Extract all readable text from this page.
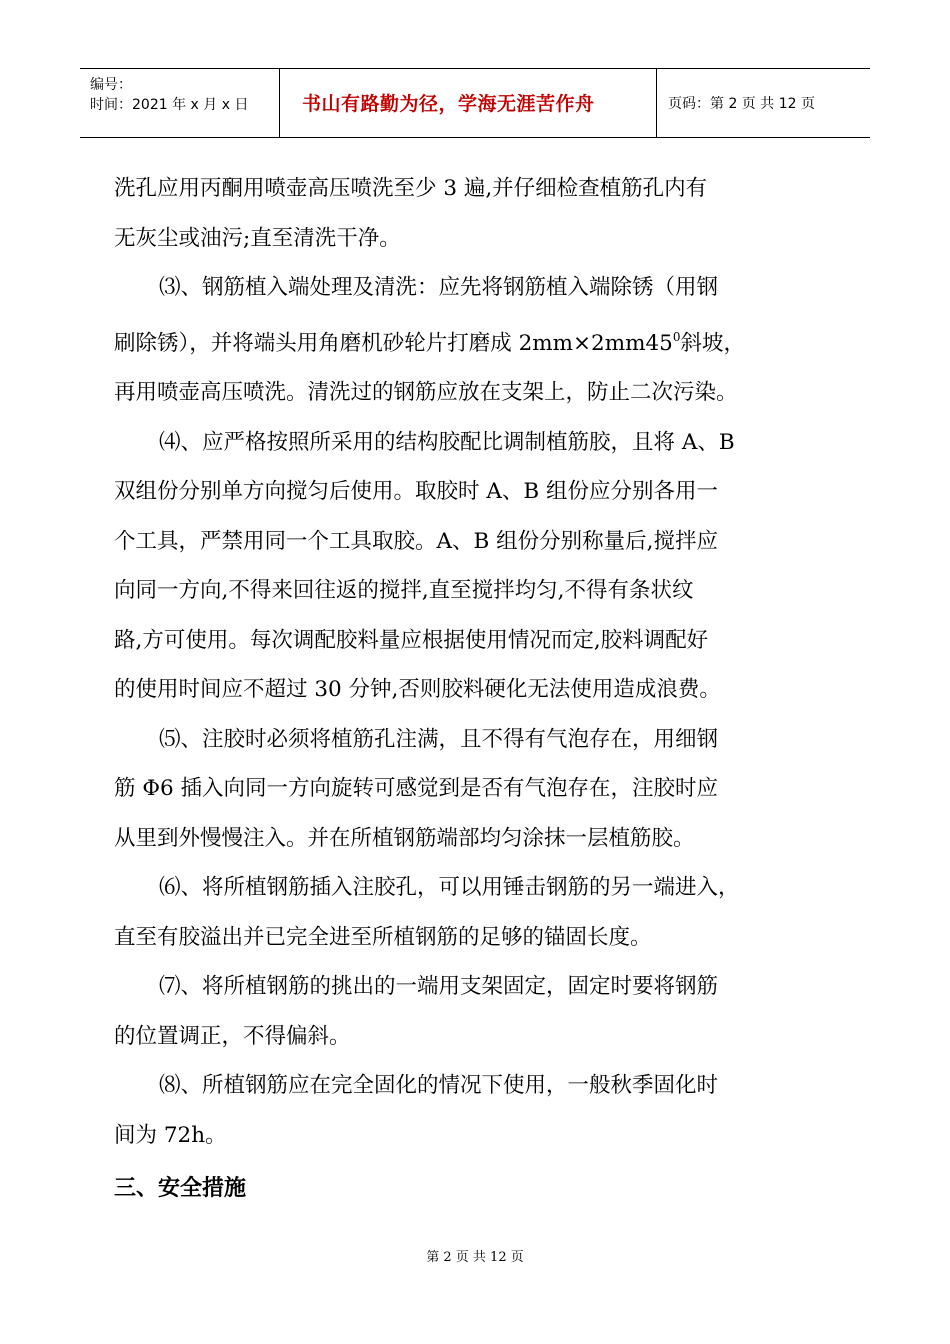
编号：
时间：2021 年 x 月 x 日	书山有路勤为径，学海无涯苦作舟	页码：第 2 页 共 12 页

洗孔应用丙酮用喷壶高压喷洗至少 3 遍,并仔细检查植筋孔内有

无灰尘或油污;直至清洗干净。

⑶、钢筋植入端处理及清洗：应先将钢筋植入端除锈（用钢

刷除锈），并将端头用角磨机砂轮片打磨成 $2mm\times 2mm45^0$斜坡，

再用喷壶高压喷洗。清洗过的钢筋应放在支架上，防止二次污染。

⑷、应严格按照所采用的结构胶配比调制植筋胶，且将 A、B

双组份分别单方向搅匀后使用。取胶时 A、B 组份应分别各用一

个工具，严禁用同一个工具取胶。A、B 组份分别称量后,搅拌应

向同一方向,不得来回往返的搅拌,直至搅拌均匀,不得有条状纹

路,方可使用。每次调配胶料量应根据使用情况而定,胶料调配好

的使用时间应不超过 30 分钟,否则胶料硬化无法使用造成浪费。

⑸、注胶时必须将植筋孔注满，且不得有气泡存在，用细钢

筋 Φ6 插入向同一方向旋转可感觉到是否有气泡存在，注胶时应

从里到外慢慢注入。并在所植钢筋端部均匀涂抹一层植筋胶。

⑹、将所植钢筋插入注胶孔，可以用锤击钢筋的另一端进入，

直至有胶溢出并已完全进至所植钢筋的足够的锚固长度。

⑺、将所植钢筋的挑出的一端用支架固定，固定时要将钢筋

的位置调正，不得偏斜。

⑻、所植钢筋应在完全固化的情况下使用，一般秋季固化时

间为 72h。

三、安全措施

第 2 页 共 12 页
